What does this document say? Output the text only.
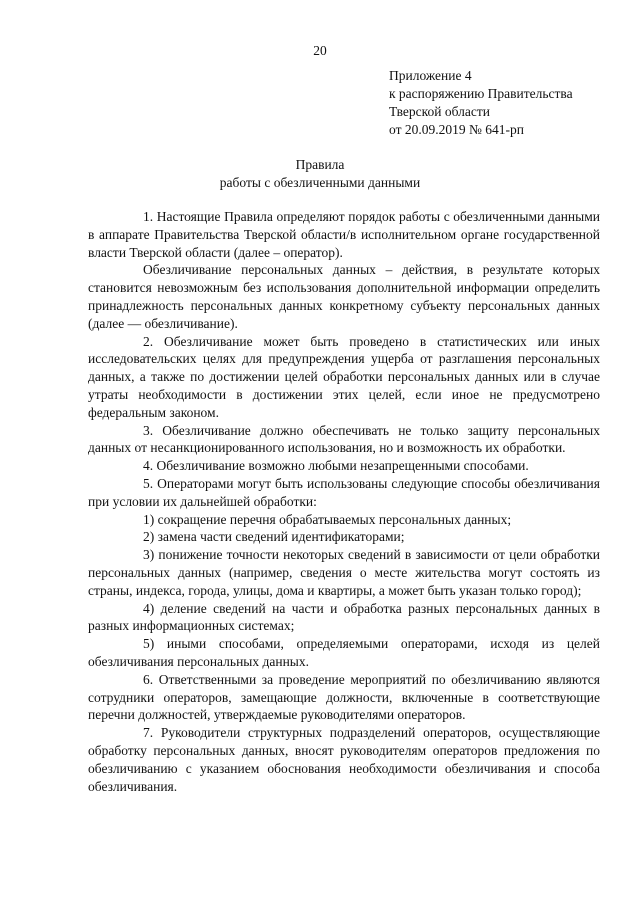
20
Приложение 4
к распоряжению Правительства
Тверской области
от 20.09.2019 № 641-рп
Правила
работы с обезличенными данными

1. Настоящие Правила определяют порядок работы с обезличенными данными в аппарате Правительства Тверской области/в исполнительном органе государственной власти Тверской области (далее – оператор).

Обезличивание персональных данных – действия, в результате которых становится невозможным без использования дополнительной информации определить принадлежность персональных данных конкретному субъекту персональных данных (далее — обезличивание).

2. Обезличивание может быть проведено в статистических или иных исследовательских целях для предупреждения ущерба от разглашения персональных данных, а также по достижении целей обработки персональных данных или в случае утраты необходимости в достижении этих целей, если иное не предусмотрено федеральным законом.

3. Обезличивание должно обеспечивать не только защиту персональных данных от несанкционированного использования, но и возможность их обработки.

4. Обезличивание возможно любыми незапрещенными способами.

5. Операторами могут быть использованы следующие способы обезличивания при условии их дальнейшей обработки:

1) сокращение перечня обрабатываемых персональных данных;

2) замена части сведений идентификаторами;

3) понижение точности некоторых сведений в зависимости от цели обработки персональных данных (например, сведения о месте жительства могут состоять из страны, индекса, города, улицы, дома и квартиры, а может быть указан только город);

4) деление сведений на части и обработка разных персональных данных в разных информационных системах;

5) иными способами, определяемыми операторами, исходя из целей обезличивания персональных данных.

6. Ответственными за проведение мероприятий по обезличиванию являются сотрудники операторов, замещающие должности, включенные в соответствующие перечни должностей, утверждаемые руководителями операторов.

7. Руководители структурных подразделений операторов, осуществляющие обработку персональных данных, вносят руководителям операторов предложения по обезличиванию с указанием обоснования необходимости обезличивания и способа обезличивания.
